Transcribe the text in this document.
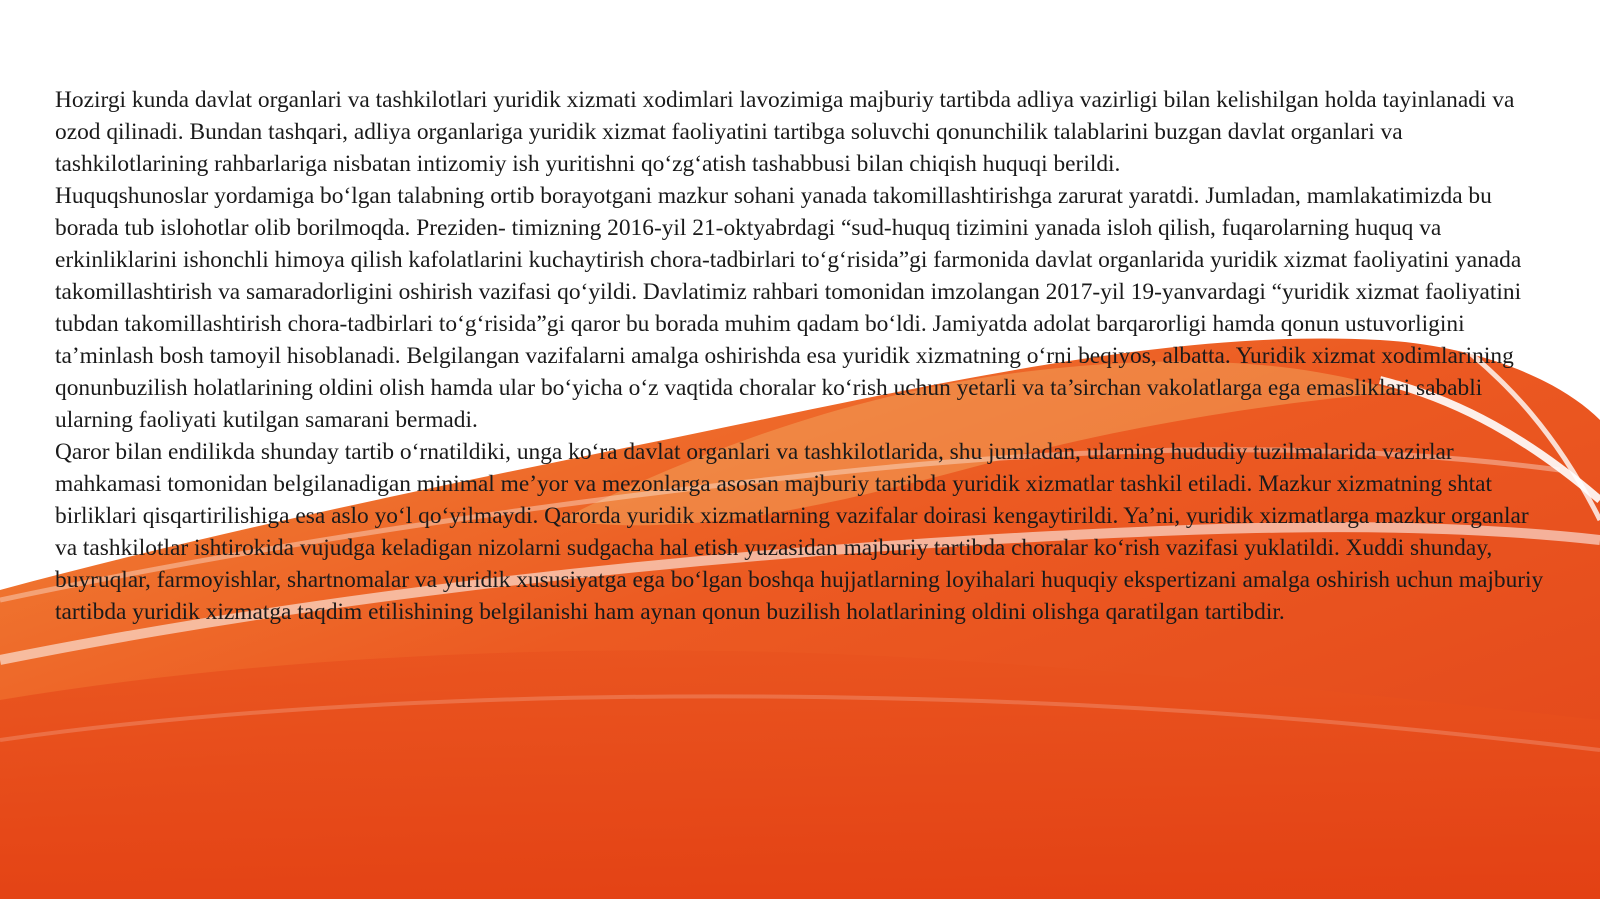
Hozirgi kunda davlat organlari va tashkilotlari yuridik xizmati xodimlari lavozimiga majburiy tartibda adliya vazirligi bilan kelishilgan holda tayinlanadi va ozod qilinadi. Bundan tashqari, adliya organlariga yuridik xizmat faoliyatini tartibga soluvchi qonunchilik talablarini buzgan davlat organlari va tashkilotlarining rahbarlariga nisbatan intizomiy ish yuritishni qo‘zg‘atish tashabbusi bilan chiqish huquqi berildi.

Huquqshunoslar yordamiga bo‘lgan talabning ortib borayotgani mazkur sohani yanada takomillashtirishga zarurat yaratdi. Jumladan, mamlakatimizda bu borada tub islohotlar olib borilmoqda. Preziden- timizning 2016-yil 21-oktyabrdagi “sud-huquq tizimini yanada isloh qilish, fuqarolarning huquq va erkinliklarini ishonchli himoya qilish kafolatlarini kuchaytirish chora-tadbirlari to‘g‘risida”gi farmonida davlat organlarida yuridik xizmat faoliyatini yanada takomillashtirish va samaradorligini oshirish vazifasi qo‘yildi. Davlatimiz rahbari tomonidan imzolangan 2017-yil 19-yanvardagi “yuridik xizmat faoliyatini tubdan takomillashtirish chora-tadbirlari to‘g‘risida”gi qaror bu borada muhim qadam bo‘ldi. Jamiyatda adolat barqarorligi hamda qonun ustuvorligini ta’minlash bosh tamoyil hisoblanadi. Belgilangan vazifalarni amalga oshirishda esa yuridik xizmatning o‘rni beqiyos, albatta. Yuridik xizmat xodimlarining qonunbuzilish holatlarining oldini olish hamda ular bo‘yicha o‘z vaqtida choralar ko‘rish uchun yetarli va ta’sirchan vakolatlarga ega emasliklari sababli ularning faoliyati kutilgan samarani bermadi.

Qaror bilan endilikda shunday tartib o‘rnatildiki, unga ko‘ra davlat organlari va tashkilotlarida, shu jumladan, ularning hududiy tuzilmalarida vazirlar mahkamasi tomonidan belgilanadigan minimal me’yor va mezonlarga asosan majburiy tartibda yuridik xizmatlar tashkil etiladi. Mazkur xizmatning shtat birliklari qisqartirilishiga esa aslo yo‘l qo‘yilmaydi. Qarorda yuridik xizmatlarning vazifalar doirasi kengaytirildi. Ya’ni, yuridik xizmatlarga mazkur organlar va tashkilotlar ishtirokida vujudga keladigan nizolarni sudgacha hal etish yuzasidan majburiy tartibda choralar ko‘rish vazifasi yuklatildi. Xuddi shunday, buyruqlar, farmoyishlar, shartnomalar va yuridik xususiyatga ega bo‘lgan boshqa hujjatlarning loyihalari huquqiy ekspertizani amalga oshirish uchun majburiy tartibda yuridik xizmatga taqdim etilishining belgilanishi ham aynan qonun buzilish holatlarining oldini olishga qaratilgan tartibdir.
